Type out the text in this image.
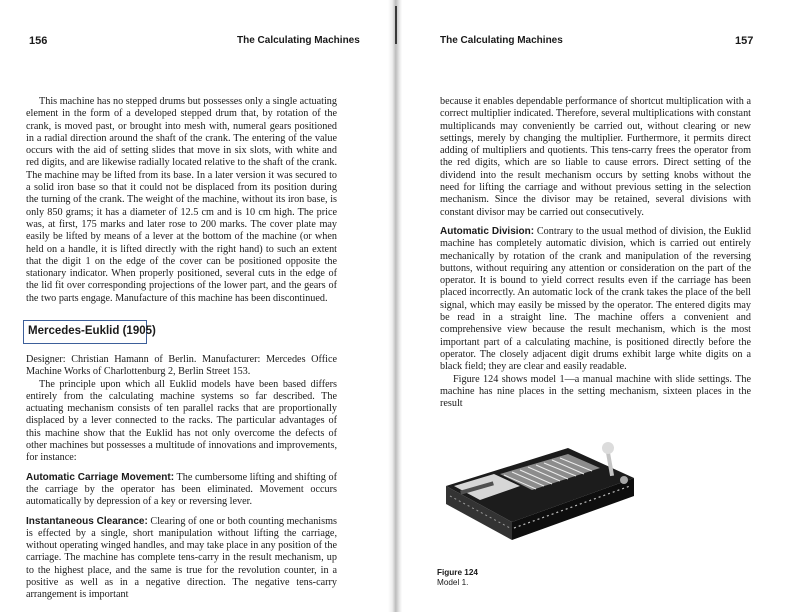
156	The Calculating Machines

This machine has no stepped drums but possesses only a single actuating element in the form of a developed stepped drum that, by rotation of the crank, is moved past, or brought into mesh with, numeral gears positioned in a radial direction around the shaft of the crank. The entering of the value occurs with the aid of setting slides that move in six slots, with white and red digits, and are likewise radially located relative to the shaft of the crank. The machine may be lifted from its base. In a later version it was secured to a solid iron base so that it could not be displaced from its position during the turning of the crank. The weight of the machine, without its iron base, is only 850 grams; it has a diameter of 12.5 cm and is 10 cm high. The price was, at first, 175 marks and later rose to 200 marks. The cover plate may easily be lifted by means of a lever at the bottom of the machine (or when held on a handle, it is lifted directly with the right hand) to such an extent that the digit 1 on the edge of the cover can be positioned opposite the stationary indicator. When properly positioned, several cuts in the edge of the lid fit over corresponding projections of the lower part, and the gears of the two parts engage. Manufacture of this machine has been discontinued.

Mercedes-Euklid (1905)

Designer: Christian Hamann of Berlin. Manufacturer: Mercedes Office Machine Works of Charlottenburg 2, Berlin Street 153.

The principle upon which all Euklid models have been based differs entirely from the calculating machine systems so far described. The actuating mechanism consists of ten parallel racks that are proportionally displaced by a lever connected to the racks. The particular advantages of this machine show that the Euklid has not only overcome the defects of other machines but possesses a multitude of innovations and improvements, for instance:

Automatic Carriage Movement: The cumbersome lifting and shifting of the carriage by the operator has been eliminated. Movement occurs automatically by depression of a key or reversing lever.

Instantaneous Clearance: Clearing of one or both counting mechanisms is effected by a single, short manipulation without lifting the carriage, without operating winged handles, and may take place in any position of the carriage. The machine has complete tens-carry in the result mechanism, up to the highest place, and the same is true for the revolution counter, in a positive as well as in a negative direction. The negative tens-carry arrangement is important

The Calculating Machines	157

because it enables dependable performance of shortcut multiplication with a correct multiplier indicated. Therefore, several multiplications with constant multiplicands may conveniently be carried out, without clearing or new settings, merely by changing the multiplier. Furthermore, it permits direct adding of multipliers and quotients. This tens-carry frees the operator from the red digits, which are so liable to cause errors. Direct setting of the dividend into the result mechanism occurs by setting knobs without the need for lifting the carriage and without previous setting in the selection mechanism. Since the divisor may be retained, several divisions with constant divisor may be carried out consecutively.

Automatic Division: Contrary to the usual method of division, the Euklid machine has completely automatic division, which is carried out entirely mechanically by rotation of the crank and manipulation of the reversing buttons, without requiring any attention or consideration on the part of the operator. It is bound to yield correct results even if the carriage has been placed incorrectly. An automatic lock of the crank takes the place of the bell signal, which may easily be missed by the operator. The entered digits may be read in a straight line. The machine offers a convenient and comprehensive view because the result mechanism, which is the most important part of a calculating machine, is positioned directly before the operator. The closely adjacent digit drums exhibit large white digits on a black field; they are clear and easily readable.

Figure 124 shows model 1—a manual machine with slide settings. The machine has nine places in the setting mechanism, sixteen places in the result

Figure 124
Model 1.
